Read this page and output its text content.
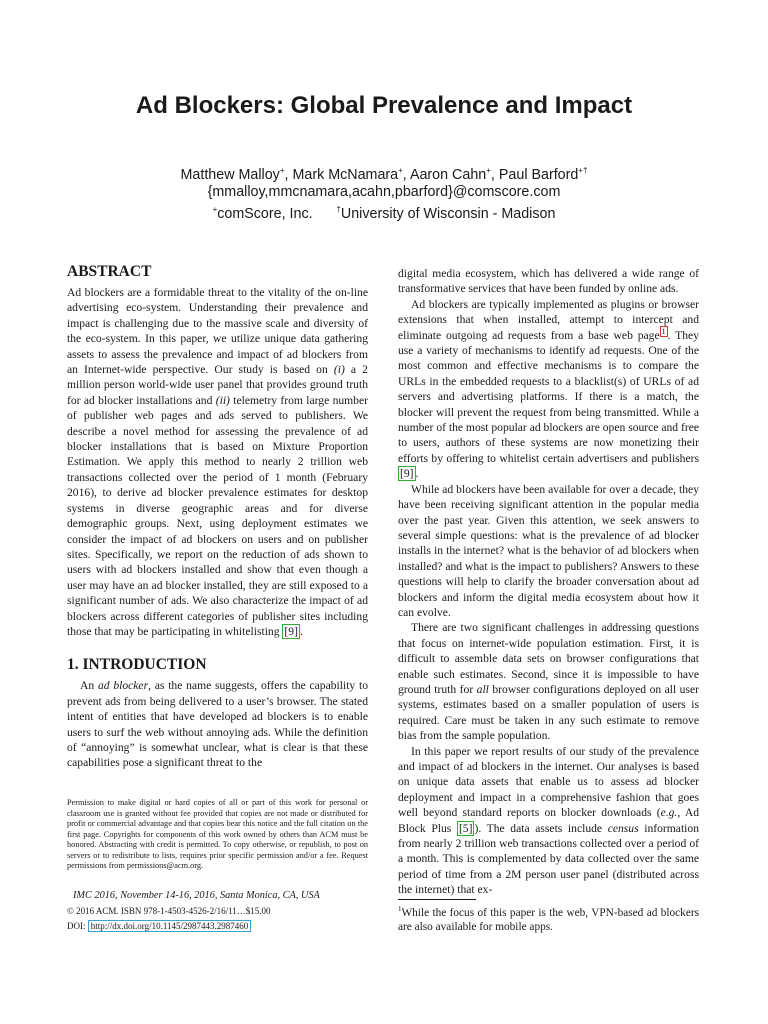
Ad Blockers: Global Prevalence and Impact
Matthew Malloy+, Mark McNamara+, Aaron Cahn+, Paul Barford+†
{mmalloy,mmcnamara,acahn,pbarford}@comscore.com
+comScore, Inc.	†University of Wisconsin - Madison
ABSTRACT

Ad blockers are a formidable threat to the vitality of the on-line advertising eco-system. Understanding their prevalence and impact is challenging due to the massive scale and diversity of the eco-system. In this paper, we utilize unique data gathering assets to assess the prevalence and impact of ad blockers from an Internet-wide perspective. Our study is based on (i) a 2 million person world-wide user panel that provides ground truth for ad blocker installations and (ii) telemetry from large number of publisher web pages and ads served to publishers. We describe a novel method for assessing the prevalence of ad blocker installations that is based on Mixture Proportion Estimation. We apply this method to nearly 2 trillion web transactions collected over the period of 1 month (February 2016), to derive ad blocker prevalence estimates for desktop systems in diverse geographic areas and for diverse demographic groups. Next, using deployment estimates we consider the impact of ad blockers on users and on publisher sites. Specifically, we report on the reduction of ads shown to users with ad blockers installed and show that even though a user may have an ad blocker installed, they are still exposed to a significant number of ads. We also characterize the impact of ad blockers across different categories of publisher sites including those that may be participating in whitelisting [9] .

1. INTRODUCTION

An ad blocker, as the name suggests, offers the capability to prevent ads from being delivered to a user’s browser. The stated intent of entities that have developed ad blockers is to enable users to surf the web without annoying ads. While the definition of “annoying” is somewhat unclear, what is clear is that these capabilities pose a significant threat to the

Permission to make digital or hard copies of all or part of this work for personal or classroom use is granted without fee provided that copies are not made or distributed for profit or commercial advantage and that copies bear this notice and the full citation on the first page. Copyrights for components of this work owned by others than ACM must be honored. Abstracting with credit is permitted. To copy otherwise, or republish, to post on servers or to redistribute to lists, requires prior specific permission and/or a fee. Request permissions from permissions@acm.org.
IMC 2016, November 14-16, 2016, Santa Monica, CA, USA
© 2016 ACM. ISBN 978-1-4503-4526-2/16/11…$15.00
DOI: http://dx.doi.org/10.1145/2987443.2987460

digital media ecosystem, which has delivered a wide range of transformative services that have been funded by online ads.

Ad blockers are typically implemented as plugins or browser extensions that when installed, attempt to intercept and eliminate outgoing ad requests from a base web page $^1$ . They use a variety of mechanisms to identify ad requests. One of the most common and effective mechanisms is to compare the URLs in the embedded requests to a blacklist(s) of URLs of ad servers and advertising platforms. If there is a match, the blocker will prevent the request from being transmitted. While a number of the most popular ad blockers are open source and free to users, authors of these systems are now monetizing their efforts by offering to whitelist certain advertisers and publishers [9] .

While ad blockers have been available for over a decade, they have been receiving significant attention in the popular media over the past year. Given this attention, we seek answers to several simple questions: what is the prevalence of ad blocker installs in the internet? what is the behavior of ad blockers when installed? and what is the impact to publishers? Answers to these questions will help to clarify the broader conversation about ad blockers and inform the digital media ecosystem about how it can evolve.

There are two significant challenges in addressing questions that focus on internet-wide population estimation. First, it is difficult to assemble data sets on browser configurations that enable such estimates. Second, since it is impossible to have ground truth for all browser configurations deployed on all user systems, estimates based on a smaller population of users is required. Care must be taken in any such estimate to remove bias from the sample population.

In this paper we report results of our study of the prevalence and impact of ad blockers in the internet. Our analyses is based on unique data assets that enable us to assess ad blocker deployment and impact in a comprehensive fashion that goes well beyond standard reports on blocker downloads (e.g., Ad Block Plus [5] ). The data assets include census information from nearly 2 trillion web transactions collected over a period of a month. This is complemented by data collected over the same period of time from a 2M person user panel (distributed across the internet) that ex-

$^1$While the focus of this paper is the web, VPN-based ad blockers are also available for mobile apps.
